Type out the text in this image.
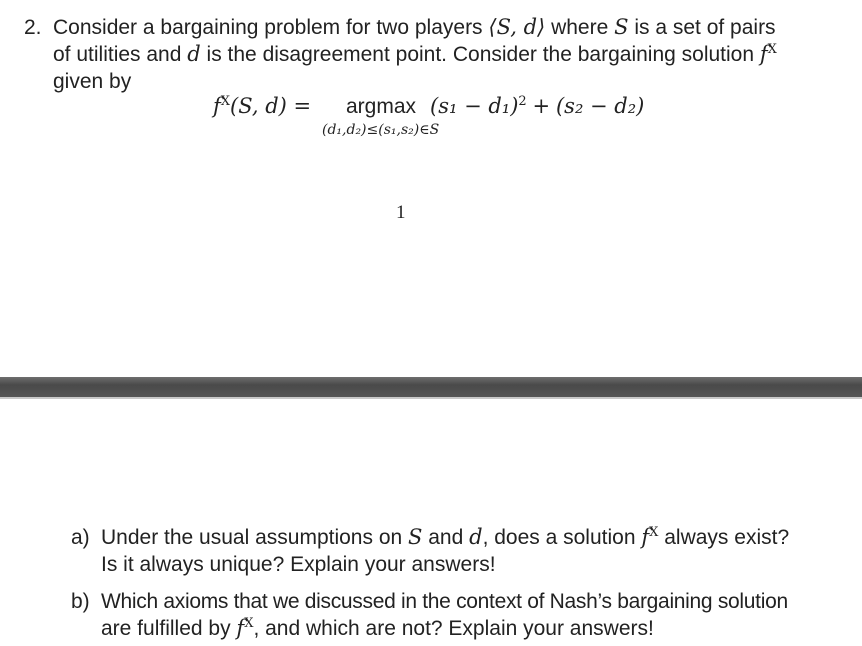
2. Consider a bargaining problem for two players ⟨S, d⟩ where S is a set of pairs
of utilities and d is the disagreement point. Consider the bargaining solution $f^X$
given by
$f^X(S$, d) = argmax
(d₁,d₂)≤(s₁,s₂)∈S
$(s_1 - d_1)^2 + (s_2 - d_2)$
1
a) Under the usual assumptions on S and d, does a solution $f^X$ always exist?
Is it always unique? Explain your answers!
b) Which axioms that we discussed in the context of Nash’s bargaining solution
are fulfilled by $f^X$, and which are not? Explain your answers!
